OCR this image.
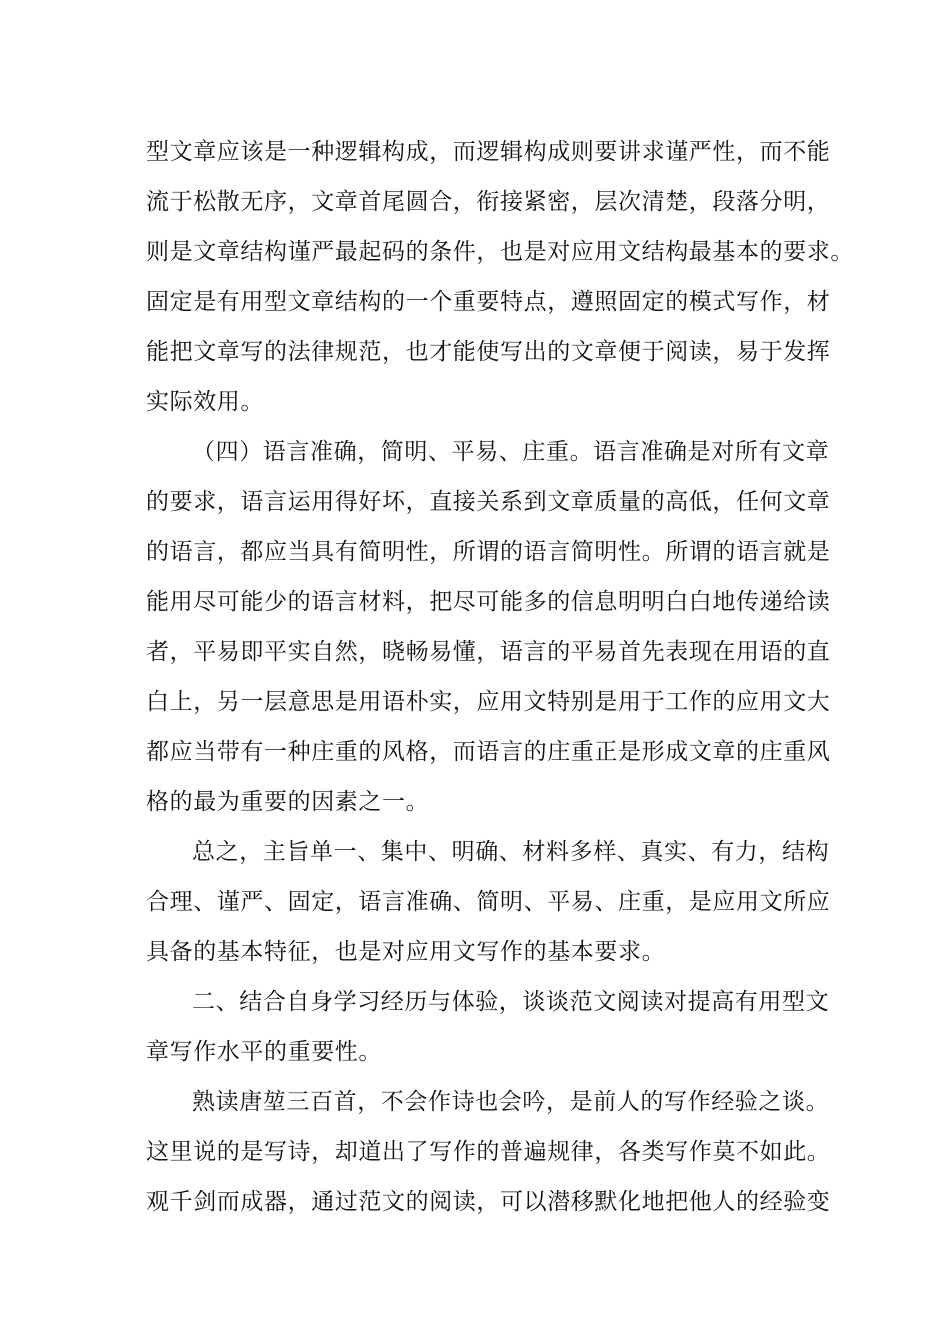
型文章应该是一种逻辑构成，而逻辑构成则要讲求谨严性，而不能
流于松散无序，文章首尾圆合，衔接紧密，层次清楚，段落分明，
则是文章结构谨严最起码的条件，也是对应用文结构最基本的要求。
固定是有用型文章结构的一个重要特点，遵照固定的模式写作，材
能把文章写的法律规范，也才能使写出的文章便于阅读，易于发挥
实际效用。
（四）语言准确，简明、平易、庄重。语言准确是对所有文章
的要求，语言运用得好坏，直接关系到文章质量的高低，任何文章
的语言，都应当具有简明性，所谓的语言简明性。所谓的语言就是
能用尽可能少的语言材料，把尽可能多的信息明明白白地传递给读
者，平易即平实自然，晓畅易懂，语言的平易首先表现在用语的直
白上，另一层意思是用语朴实，应用文特别是用于工作的应用文大
都应当带有一种庄重的风格，而语言的庄重正是形成文章的庄重风
格的最为重要的因素之一。
总之，主旨单一、集中、明确、材料多样、真实、有力，结构
合理、谨严、固定，语言准确、简明、平易、庄重，是应用文所应
具备的基本特征，也是对应用文写作的基本要求。
二、结合自身学习经历与体验，谈谈范文阅读对提高有用型文
章写作水平的重要性。
熟读唐堃三百首，不会作诗也会吟，是前人的写作经验之谈。
这里说的是写诗，却道出了写作的普遍规律，各类写作莫不如此。
观千剑而成器，通过范文的阅读，可以潜移默化地把他人的经验变
